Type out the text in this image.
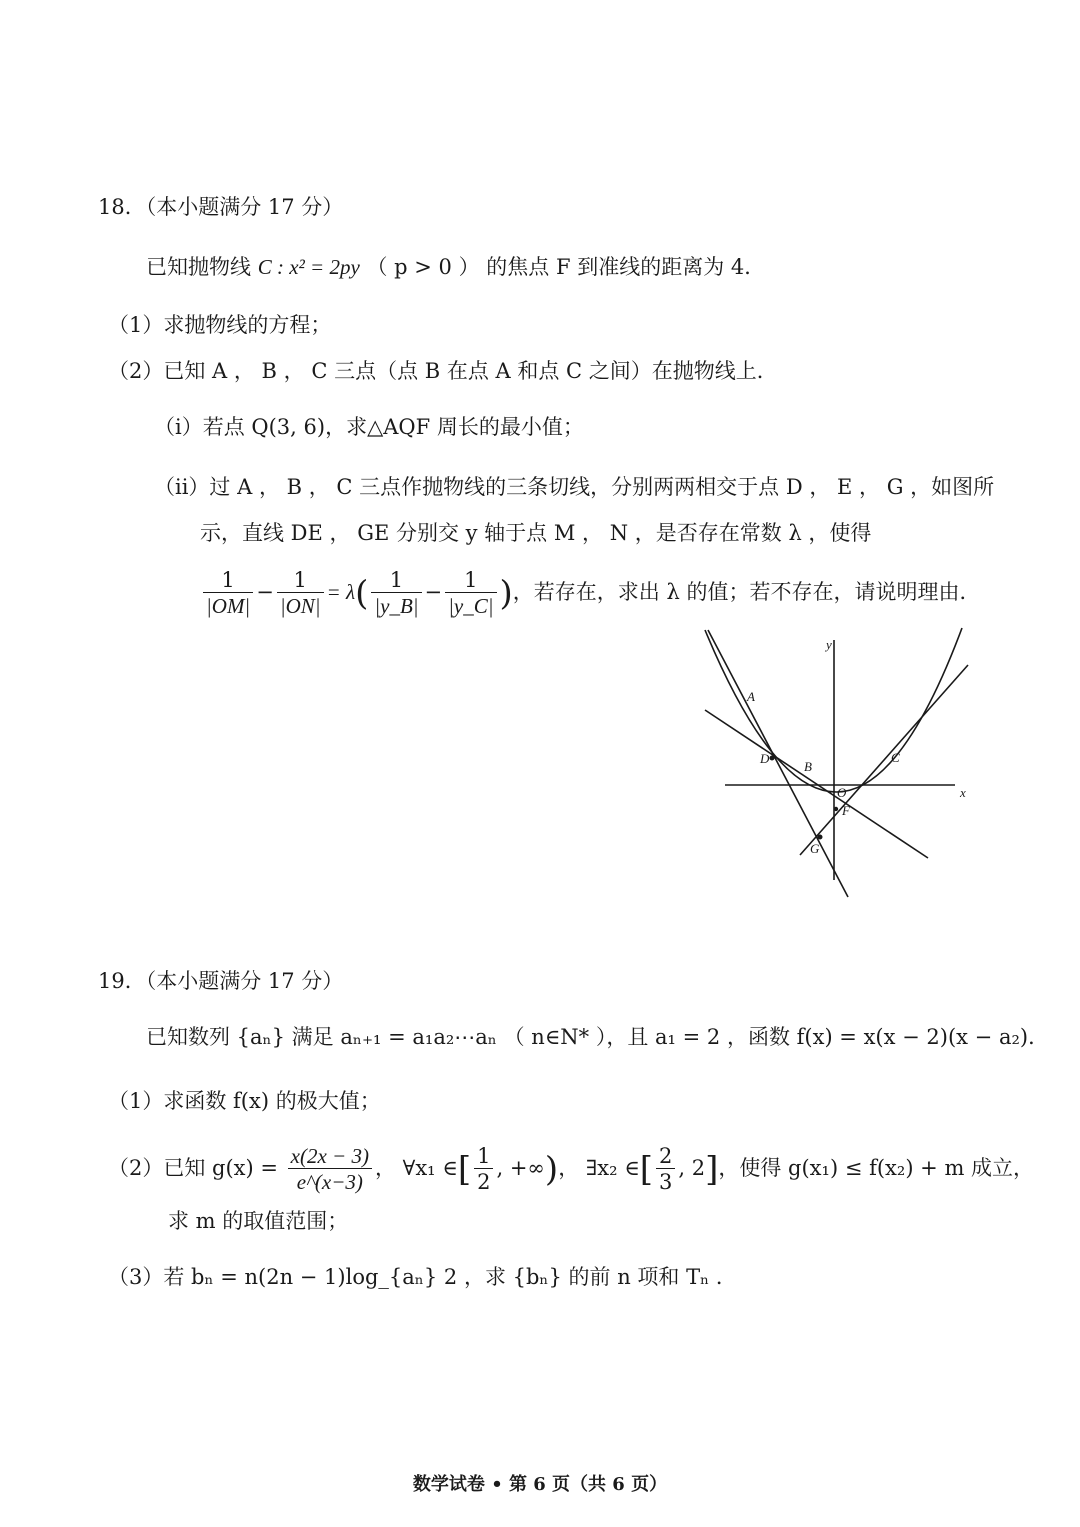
18．（本小题满分 17 分）
已知抛物线 C : x² = 2py （ p > 0 ） 的焦点 F 到准线的距离为 4．
（1）求抛物线的方程；
（2）已知 A ， B ， C 三点（点 B 在点 A 和点 C 之间）在抛物线上．
（i）若点 Q(3, 6)，求△AQF 周长的最小值；
（ii）过 A ， B ， C 三点作抛物线的三条切线，分别两两相交于点 D ， E ， G ，如图所
示，直线 DE ， GE 分别交 y 轴于点 M ， N ，是否存在常数 λ ，使得
$\frac{1}{|OM|} - \frac{1}{|ON|} = \lambda( \frac{1}{|y\_B|} - \frac{1}{|y\_C|}$ )，若存在，求出 λ 的值；若不存在，请说明理由．
y
x
A
B
C
D
O
F
G
19．（本小题满分 17 分）
已知数列 {aₙ} 满足 aₙ₊₁ = a₁a₂⋯aₙ （ n∈N* ），且 a₁ = 2 ，函数 f(x) = x(x − 2)(x − a₂)．
（1）求函数 f(x) 的极大值；
（2）已知 $g(x) = \frac{x(2x - 3)}{e\^{}(x-3)}$ ， ∀x₁ ∈[ $\frac{1}{2}$ , +∞)， ∃x₂ ∈[ $\frac{2}{3}$ , 2]，使得 g(x₁) ≤ f(x₂) + m 成立，
求 m 的取值范围；
（3）若 bₙ = n(2n − 1)log_{aₙ} 2 ，求 {bₙ} 的前 n 项和 Tₙ ．
数学试卷 • 第 6 页（共 6 页）
